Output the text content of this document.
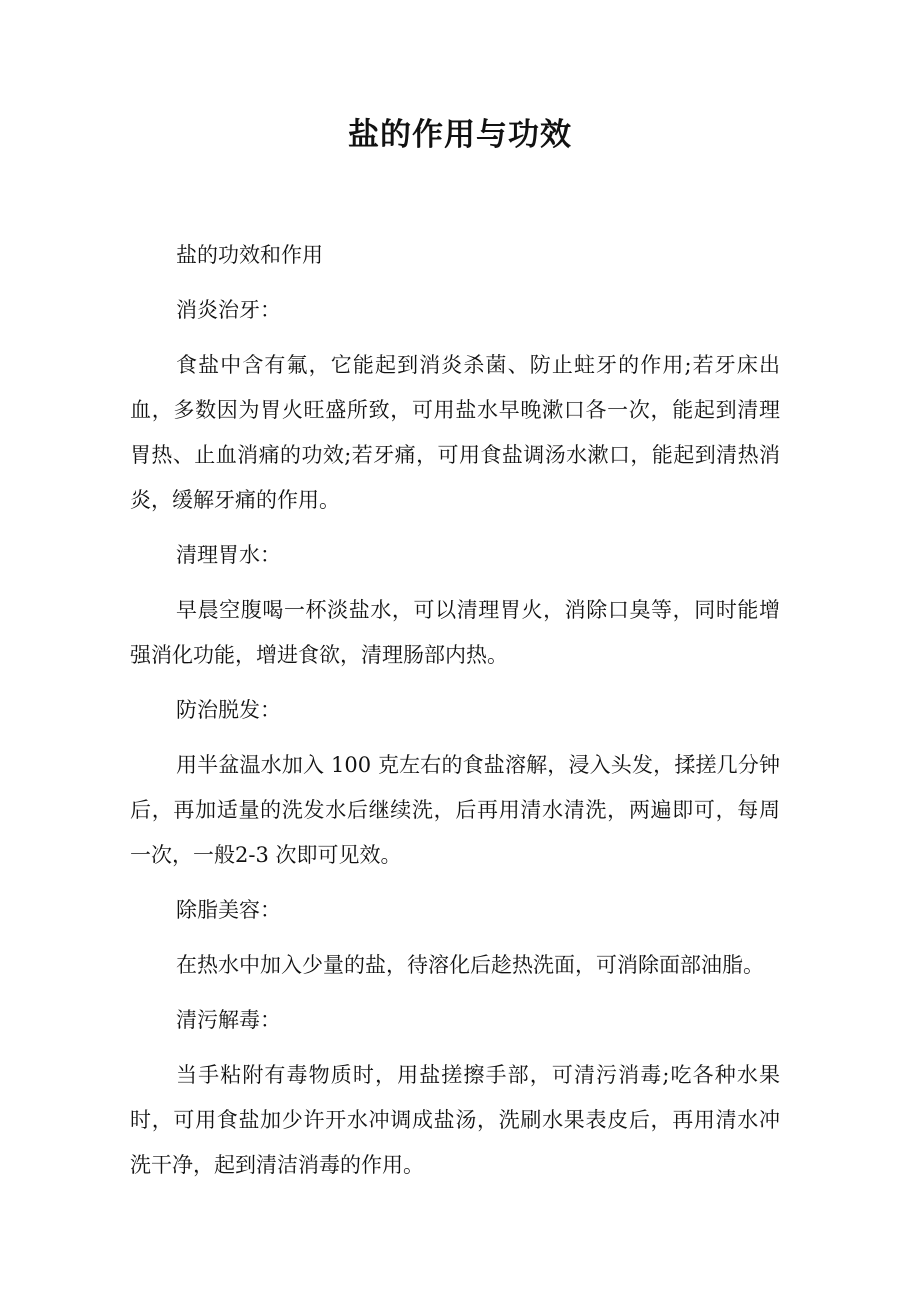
盐的作用与功效

盐的功效和作用

消炎治牙：

食盐中含有氟，它能起到消炎杀菌、防止蛀牙的作用;若牙床出血，多数因为胃火旺盛所致，可用盐水早晚漱口各一次，能起到清理胃热、止血消痛的功效;若牙痛，可用食盐调汤水漱口，能起到清热消炎，缓解牙痛的作用。

清理胃水：

早晨空腹喝一杯淡盐水，可以清理胃火，消除口臭等，同时能增强消化功能，增进食欲，清理肠部内热。

防治脱发：

用半盆温水加入 100 克左右的食盐溶解，浸入头发，揉搓几分钟后，再加适量的洗发水后继续洗，后再用清水清洗，两遍即可，每周一次，一般2-3 次即可见效。

除脂美容：

在热水中加入少量的盐，待溶化后趁热洗面，可消除面部油脂。

清污解毒：

当手粘附有毒物质时，用盐搓擦手部，可清污消毒;吃各种水果时，可用食盐加少许开水冲调成盐汤，洗刷水果表皮后，再用清水冲洗干净，起到清洁消毒的作用。
